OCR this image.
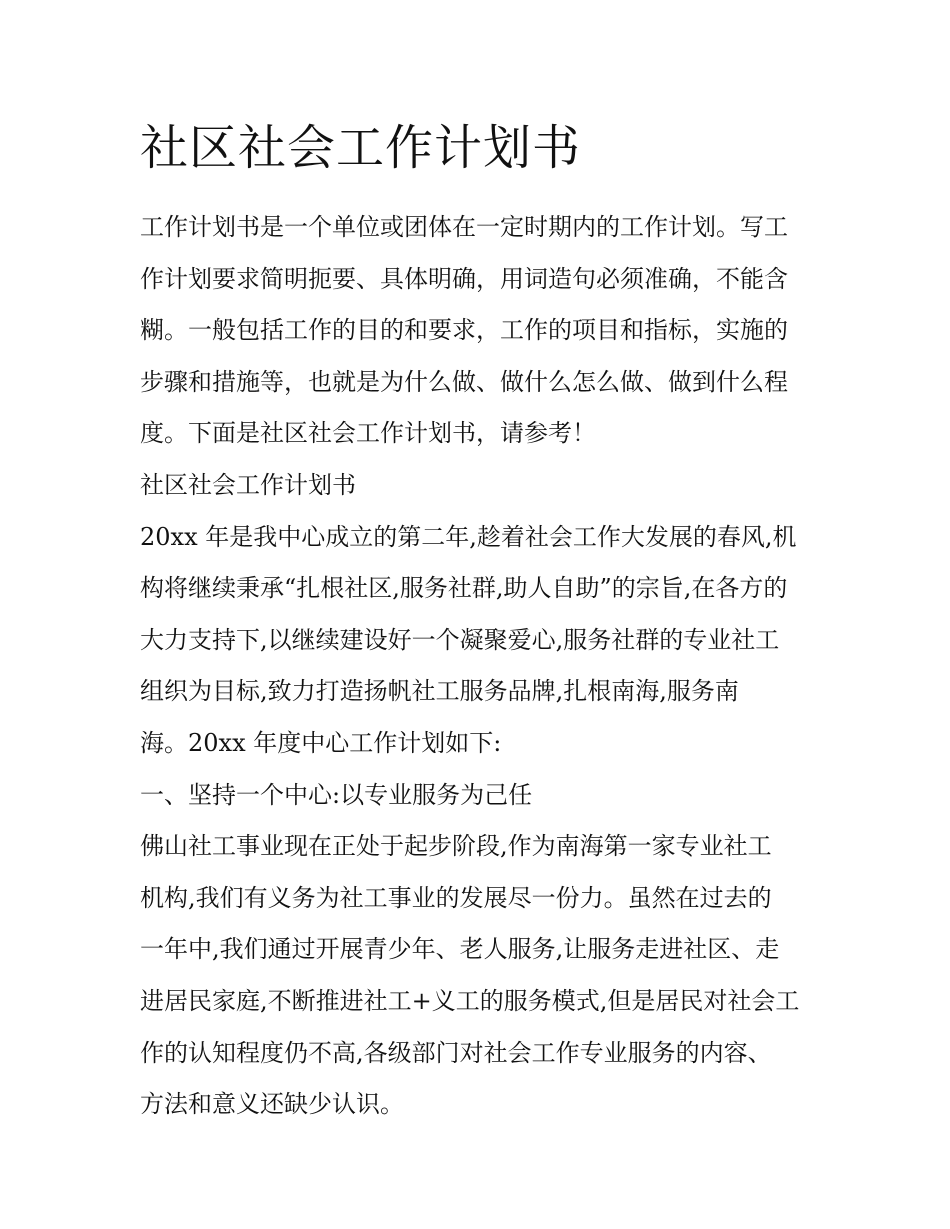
社区社会工作计划书

工作计划书是一个单位或团体在一定时期内的工作计划。写工

作计划要求简明扼要、具体明确，用词造句必须准确，不能含

糊。一般包括工作的目的和要求，工作的项目和指标，实施的

步骤和措施等，也就是为什么做、做什么怎么做、做到什么程

度。下面是社区社会工作计划书，请参考！

社区社会工作计划书

20xx 年是我中心成立的第二年,趁着社会工作大发展的春风,机

构将继续秉承“扎根社区,服务社群,助人自助”的宗旨,在各方的

大力支持下,以继续建设好一个凝聚爱心,服务社群的专业社工

组织为目标,致力打造扬帆社工服务品牌,扎根南海,服务南

海。20xx 年度中心工作计划如下:

一、坚持一个中心:以专业服务为己任

佛山社工事业现在正处于起步阶段,作为南海第一家专业社工

机构,我们有义务为社工事业的发展尽一份力。虽然在过去的

一年中,我们通过开展青少年、老人服务,让服务走进社区、走

进居民家庭,不断推进社工+义工的服务模式,但是居民对社会工

作的认知程度仍不高,各级部门对社会工作专业服务的内容、

方法和意义还缺少认识。
